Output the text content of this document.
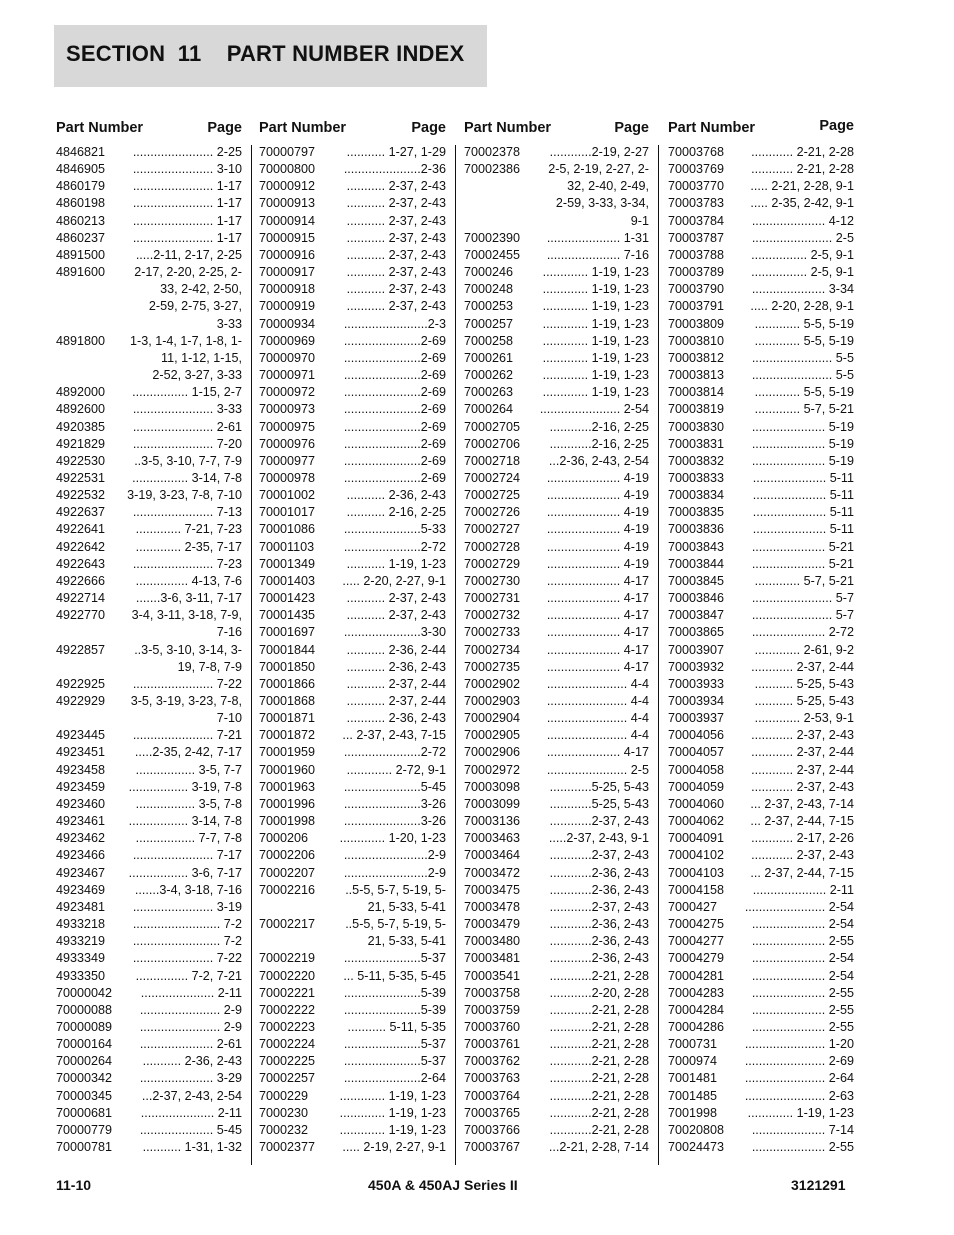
SECTION  11    PART NUMBER INDEX
Part Number	Page
4846821	....................... 2-25
4846905	....................... 3-10
4860179	....................... 1-17
4860198	....................... 1-17
4860213	....................... 1-17
4860237	....................... 1-17
4891500	.....2-11, 2-17, 2-25
4891600	2-17, 2-20, 2-25, 2-
33, 2-42, 2-50,
2-59, 2-75, 3-27,
3-33
4891800	1-3, 1-4, 1-7, 1-8, 1-
11, 1-12, 1-15,
2-52, 3-27, 3-33
4892000	................ 1-15, 2-7
4892600	....................... 3-33
4920385	....................... 2-61
4921829	....................... 7-20
4922530	..3-5, 3-10, 7-7, 7-9
4922531	................ 3-14, 7-8
4922532	3-19, 3-23, 7-8, 7-10
4922637	....................... 7-13
4922641	............. 7-21, 7-23
4922642	............. 2-35, 7-17
4922643	....................... 7-23
4922666	............... 4-13, 7-6
4922714	.......3-6, 3-11, 7-17
4922770	3-4, 3-11, 3-18, 7-9,
7-16
4922857	..3-5, 3-10, 3-14, 3-
19, 7-8, 7-9
4922925	....................... 7-22
4922929	3-5, 3-19, 3-23, 7-8,
7-10
4923445	....................... 7-21
4923451	.....2-35, 2-42, 7-17
4923458	................. 3-5, 7-7
4923459	................. 3-19, 7-8
4923460	................. 3-5, 7-8
4923461	................. 3-14, 7-8
4923462	................. 7-7, 7-8
4923466	....................... 7-17
4923467	................. 3-6, 7-17
4923469	.......3-4, 3-18, 7-16
4923481	....................... 3-19
4933218	......................... 7-2
4933219	......................... 7-2
4933349	....................... 7-22
4933350	............... 7-2, 7-21
70000042	..................... 2-11
70000088	....................... 2-9
70000089	....................... 2-9
70000164	..................... 2-61
70000264	........... 2-36, 2-43
70000342	..................... 3-29
70000345	...2-37, 2-43, 2-54
70000681	..................... 2-11
70000779	..................... 5-45
70000781	........... 1-31, 1-32
Part Number	Page
70000797	........... 1-27, 1-29
70000800	......................2-36
70000912	........... 2-37, 2-43
70000913	........... 2-37, 2-43
70000914	........... 2-37, 2-43
70000915	........... 2-37, 2-43
70000916	........... 2-37, 2-43
70000917	........... 2-37, 2-43
70000918	........... 2-37, 2-43
70000919	........... 2-37, 2-43
70000934	........................2-3
70000969	......................2-69
70000970	......................2-69
70000971	......................2-69
70000972	......................2-69
70000973	......................2-69
70000975	......................2-69
70000976	......................2-69
70000977	......................2-69
70000978	......................2-69
70001002	........... 2-36, 2-43
70001017	........... 2-16, 2-25
70001086	......................5-33
70001103	......................2-72
70001349	........... 1-19, 1-23
70001403	..... 2-20, 2-27, 9-1
70001423	........... 2-37, 2-43
70001435	........... 2-37, 2-43
70001697	......................3-30
70001844	........... 2-36, 2-44
70001850	........... 2-36, 2-43
70001866	........... 2-37, 2-44
70001868	........... 2-37, 2-44
70001871	........... 2-36, 2-43
70001872	... 2-37, 2-43, 7-15
70001959	......................2-72
70001960	............. 2-72, 9-1
70001963	......................5-45
70001996	......................3-26
70001998	......................3-26
7000206	............. 1-20, 1-23
70002206	........................2-9
70002207	........................2-9
70002216	..5-5, 5-7, 5-19, 5-
21, 5-33, 5-41
70002217	..5-5, 5-7, 5-19, 5-
21, 5-33, 5-41
70002219	......................5-37
70002220	... 5-11, 5-35, 5-45
70002221	......................5-39
70002222	......................5-39
70002223	........... 5-11, 5-35
70002224	......................5-37
70002225	......................5-37
70002257	......................2-64
7000229	............. 1-19, 1-23
7000230	............. 1-19, 1-23
7000232	............. 1-19, 1-23
70002377	..... 2-19, 2-27, 9-1
Part Number	Page
70002378	............2-19, 2-27
70002386	2-5, 2-19, 2-27, 2-
32, 2-40, 2-49,
2-59, 3-33, 3-34,
9-1
70002390	..................... 1-31
70002455	..................... 7-16
7000246	............. 1-19, 1-23
7000248	............. 1-19, 1-23
7000253	............. 1-19, 1-23
7000257	............. 1-19, 1-23
7000258	............. 1-19, 1-23
7000261	............. 1-19, 1-23
7000262	............. 1-19, 1-23
7000263	............. 1-19, 1-23
7000264	....................... 2-54
70002705	............2-16, 2-25
70002706	............2-16, 2-25
70002718	...2-36, 2-43, 2-54
70002724	..................... 4-19
70002725	..................... 4-19
70002726	..................... 4-19
70002727	..................... 4-19
70002728	..................... 4-19
70002729	..................... 4-19
70002730	..................... 4-17
70002731	..................... 4-17
70002732	..................... 4-17
70002733	..................... 4-17
70002734	..................... 4-17
70002735	..................... 4-17
70002902	....................... 4-4
70002903	....................... 4-4
70002904	....................... 4-4
70002905	....................... 4-4
70002906	..................... 4-17
70002972	....................... 2-5
70003098	............5-25, 5-43
70003099	............5-25, 5-43
70003136	............2-37, 2-43
70003463	.....2-37, 2-43, 9-1
70003464	............2-37, 2-43
70003472	............2-36, 2-43
70003475	............2-36, 2-43
70003478	............2-37, 2-43
70003479	............2-36, 2-43
70003480	............2-36, 2-43
70003481	............2-36, 2-43
70003541	............2-21, 2-28
70003758	............2-20, 2-28
70003759	............2-21, 2-28
70003760	............2-21, 2-28
70003761	............2-21, 2-28
70003762	............2-21, 2-28
70003763	............2-21, 2-28
70003764	............2-21, 2-28
70003765	............2-21, 2-28
70003766	............2-21, 2-28
70003767	...2-21, 2-28, 7-14
Part Number	Page
70003768	............ 2-21, 2-28
70003769	............ 2-21, 2-28
70003770	..... 2-21, 2-28, 9-1
70003783	..... 2-35, 2-42, 9-1
70003784	..................... 4-12
70003787	....................... 2-5
70003788	................ 2-5, 9-1
70003789	................ 2-5, 9-1
70003790	..................... 3-34
70003791	..... 2-20, 2-28, 9-1
70003809	............. 5-5, 5-19
70003810	............. 5-5, 5-19
70003812	....................... 5-5
70003813	....................... 5-5
70003814	............. 5-5, 5-19
70003819	............. 5-7, 5-21
70003830	..................... 5-19
70003831	..................... 5-19
70003832	..................... 5-19
70003833	..................... 5-11
70003834	..................... 5-11
70003835	..................... 5-11
70003836	..................... 5-11
70003843	..................... 5-21
70003844	..................... 5-21
70003845	............. 5-7, 5-21
70003846	....................... 5-7
70003847	....................... 5-7
70003865	..................... 2-72
70003907	............. 2-61, 9-2
70003932	............ 2-37, 2-44
70003933	........... 5-25, 5-43
70003934	........... 5-25, 5-43
70003937	............. 2-53, 9-1
70004056	............ 2-37, 2-43
70004057	............ 2-37, 2-44
70004058	............ 2-37, 2-44
70004059	............ 2-37, 2-43
70004060	... 2-37, 2-43, 7-14
70004062	... 2-37, 2-44, 7-15
70004091	............ 2-17, 2-26
70004102	............ 2-37, 2-43
70004103	... 2-37, 2-44, 7-15
70004158	..................... 2-11
7000427	....................... 2-54
70004275	..................... 2-54
70004277	..................... 2-55
70004279	..................... 2-54
70004281	..................... 2-54
70004283	..................... 2-55
70004284	..................... 2-55
70004286	..................... 2-55
7000731	....................... 1-20
7000974	....................... 2-69
7001481	....................... 2-64
7001485	....................... 2-63
7001998	............. 1-19, 1-23
70020808	..................... 7-14
70024473	..................... 2-55
11-10	450A & 450AJ Series II	3121291
